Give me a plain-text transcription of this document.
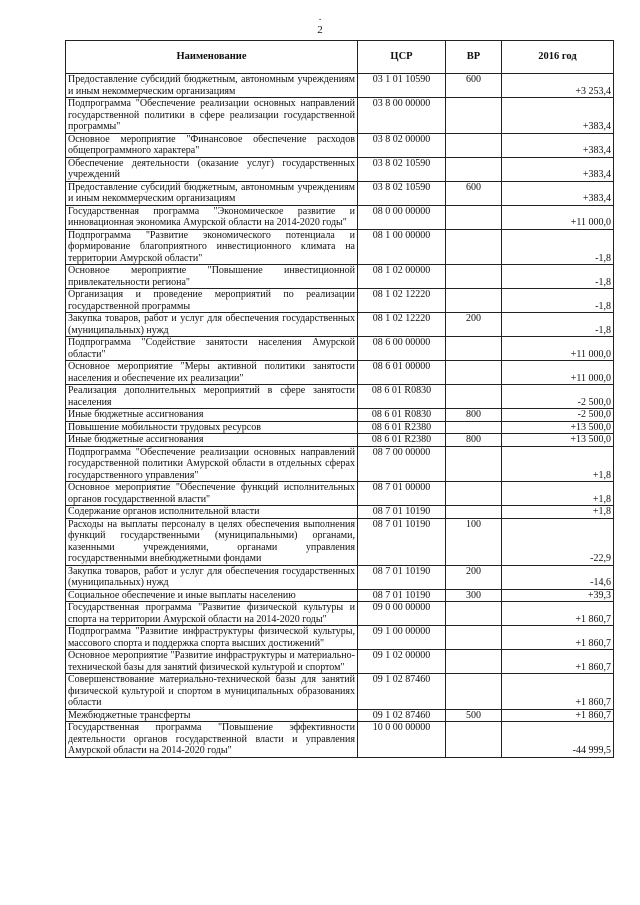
·
2
Наименование	ЦСР	ВР	2016 год
Предоставление субсидий бюджетным, автономным учреждениям и иным некоммерческим организациям	03 1 01 10590	600	+3 253,4
Подпрограмма "Обеспечение реализации основных направлений государственной политики в сфере реализации государственной программы"	03 8 00 00000		+383,4
Основное мероприятие "Финансовое обеспечение расходов общепрограммного характера"	03 8 02 00000		+383,4
Обеспечение деятельности (оказание услуг) государственных учреждений	03 8 02 10590		+383,4
Предоставление субсидий бюджетным, автономным учреждениям и иным некоммерческим организациям	03 8 02 10590	600	+383,4
Государственная программа "Экономическое развитие и инновационная экономика Амурской области на 2014-2020 годы"	08 0 00 00000		+11 000,0
Подпрограмма "Развитие экономического потенциала и формирование благоприятного инвестиционного климата на территории Амурской области"	08 1 00 00000		-1,8
Основное мероприятие "Повышение инвестиционной привлекательности региона"	08 1 02 00000		-1,8
Организация и проведение мероприятий по реализации государственной программы	08 1 02 12220		-1,8
Закупка товаров, работ и услуг для обеспечения государственных (муниципальных) нужд	08 1 02 12220	200	-1,8
Подпрограмма "Содействие занятости населения Амурской области"	08 6 00 00000		+11 000,0
Основное мероприятие "Меры активной политики занятости населения и обеспечение их реализации"	08 6 01 00000		+11 000,0
Реализация дополнительных мероприятий в сфере занятости населения	08 6 01 R0830		-2 500,0
Иные бюджетные ассигнования	08 6 01 R0830	800	-2 500,0
Повышение мобильности трудовых ресурсов	08 6 01 R2380		+13 500,0
Иные бюджетные ассигнования	08 6 01 R2380	800	+13 500,0
Подпрограмма "Обеспечение реализации основных направлений государственной политики Амурской области в отдельных сферах государственного управления"	08 7 00 00000		+1,8
Основное мероприятие "Обеспечение функций исполнительных органов государственной власти"	08 7 01 00000		+1,8
Содержание органов исполнительной власти	08 7 01 10190		+1,8
Расходы на выплаты персоналу в целях обеспечения выполнения функций государственными (муниципальными) органами, казенными учреждениями, органами управления государственными внебюджетными фондами	08 7 01 10190	100	-22,9
Закупка товаров, работ и услуг для обеспечения государственных (муниципальных) нужд	08 7 01 10190	200	-14,6
Социальное обеспечение и иные выплаты населению	08 7 01 10190	300	+39,3
Государственная программа "Развитие физической культуры и спорта на территории Амурской области на 2014-2020 годы"	09 0 00 00000		+1 860,7
Подпрограмма "Развитие инфраструктуры физической культуры, массового спорта и поддержка спорта высших достижений"	09 1 00 00000		+1 860,7
Основное мероприятие "Развитие инфраструктуры и материально-технической базы для занятий физической культурой и спортом"	09 1 02 00000		+1 860,7
Совершенствование материально-технической базы для занятий физической культурой и спортом в муниципальных образованиях области	09 1 02 87460		+1 860,7
Межбюджетные трансферты	09 1 02 87460	500	+1 860,7
Государственная программа "Повышение эффективности деятельности органов государственной власти и управления Амурской области на 2014-2020 годы"	10 0 00 00000		-44 999,5
